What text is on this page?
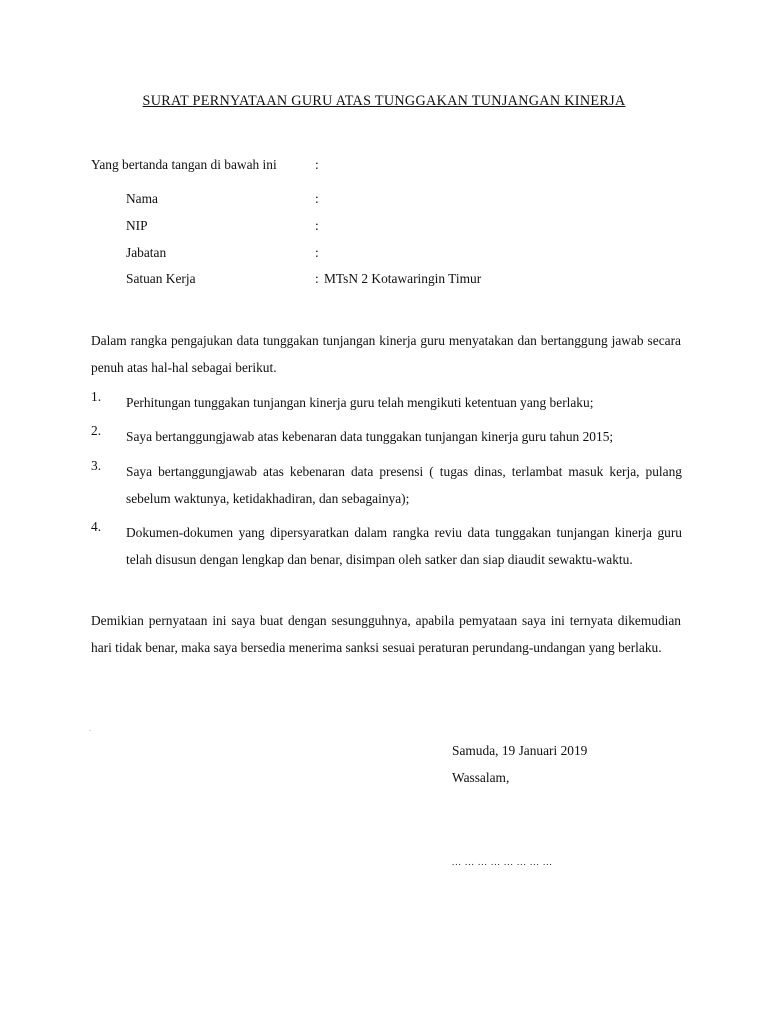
SURAT PERNYATAAN GURU ATAS TUNGGAKAN TUNJANGAN KINERJA
Yang bertanda tangan di bawah ini	:
Nama	:
NIP	:
Jabatan	:
Satuan Kerja	: MTsN 2 Kotawaringin Timur
Dalam rangka pengajukan data tunggakan tunjangan kinerja guru menyatakan dan bertanggung jawab secara penuh atas hal-hal sebagai berikut.
1. Perhitungan tunggakan tunjangan kinerja guru telah mengikuti ketentuan yang berlaku;
2. Saya bertanggungjawab atas kebenaran data tunggakan tunjangan kinerja guru tahun 2015;
3. Saya bertanggungjawab atas kebenaran data presensi ( tugas dinas, terlambat masuk kerja, pulang sebelum waktunya, ketidakhadiran, dan sebagainya);
4. Dokumen-dokumen yang dipersyaratkan dalam rangka reviu data tunggakan tunjangan kinerja guru telah disusun dengan lengkap dan benar, disimpan oleh satker dan siap diaudit sewaktu-waktu.
Demikian pernyataan ini saya buat dengan sesungguhnya, apabila pemyataan saya ini ternyata dikemudian hari tidak benar, maka saya bersedia menerima sanksi sesuai peraturan perundang-undangan yang berlaku.
.
Samuda, 19 Januari 2019
Wassalam,
... ... ... ... ... ... ... ...
